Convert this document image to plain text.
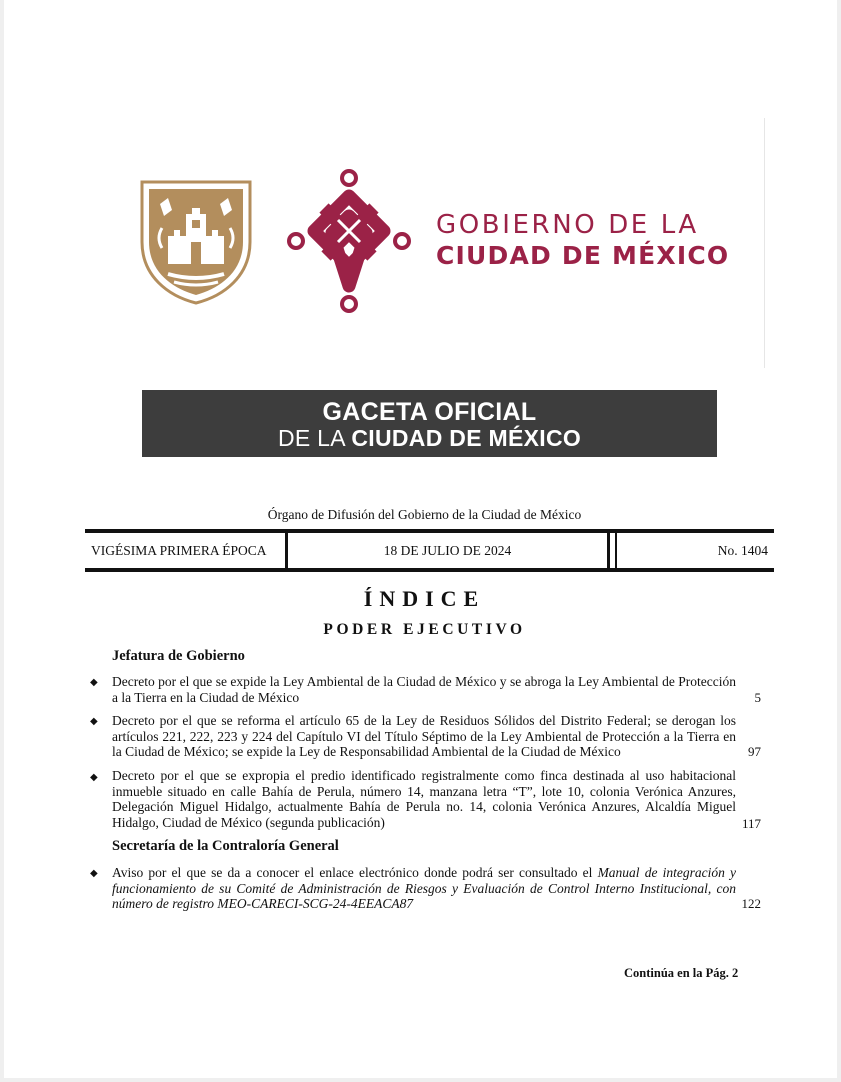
GOBIERNO DE LA
CIUDAD DE MÉXICO
GACETA OFICIAL
DE LA CIUDAD DE MÉXICO
Órgano de Difusión del Gobierno de la Ciudad de México
VIGÉSIMA PRIMERA ÉPOCA	18 DE JULIO DE 2024	No. 1404
ÍNDICE
PODER EJECUTIVO
Jefatura de Gobierno
◆ Decreto por el que se expide la Ley Ambiental de la Ciudad de México y se abroga la Ley Ambiental de Protección a la Tierra en la Ciudad de México	5
◆ Decreto por el que se reforma el artículo 65 de la Ley de Residuos Sólidos del Distrito Federal; se derogan los artículos 221, 222, 223 y 224 del Capítulo VI del Título Séptimo de la Ley Ambiental de Protección a la Tierra en la Ciudad de México; se expide la Ley de Responsabilidad Ambiental de la Ciudad de México	97
◆ Decreto por el que se expropia el predio identificado registralmente como finca destinada al uso habitacional inmueble situado en calle Bahía de Perula, número 14, manzana letra “T”, lote 10, colonia Verónica Anzures, Delegación Miguel Hidalgo, actualmente Bahía de Perula no. 14, colonia Verónica Anzures, Alcaldía Miguel Hidalgo, Ciudad de México (segunda publicación)	117
Secretaría de la Contraloría General
◆ Aviso por el que se da a conocer el enlace electrónico donde podrá ser consultado el Manual de integración y funcionamiento de su Comité de Administración de Riesgos y Evaluación de Control Interno Institucional, con número de registro MEO-CARECI-SCG-24-4EEACA87	122
Continúa en la Pág. 2
